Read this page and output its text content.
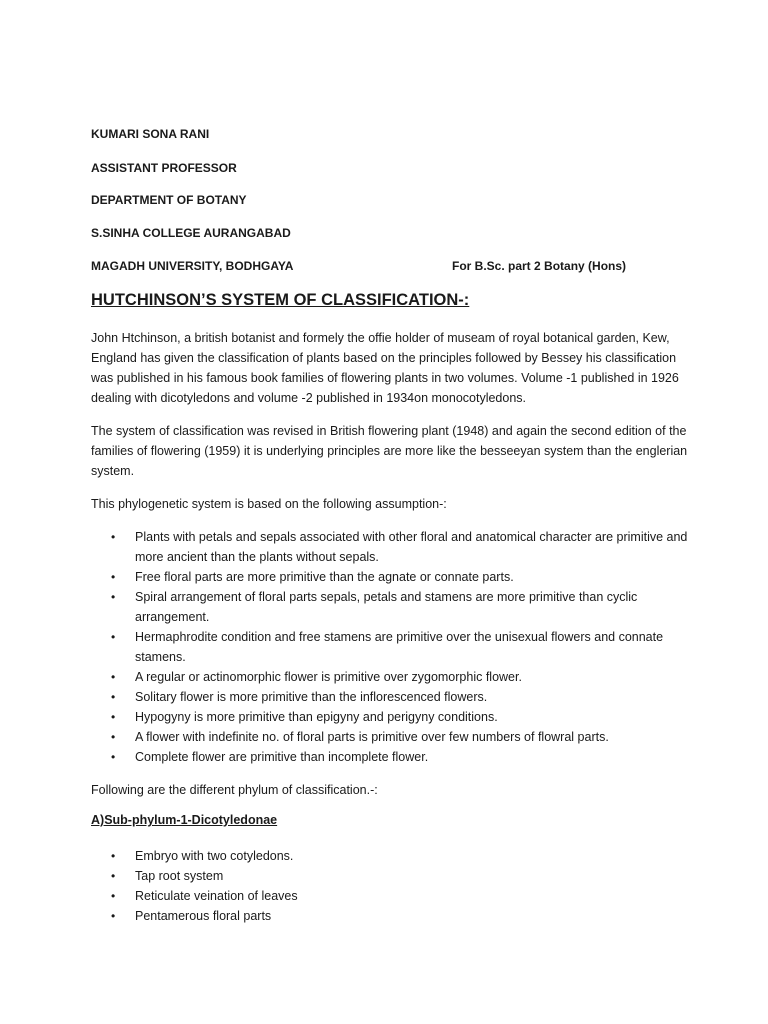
KUMARI SONA RANI
ASSISTANT PROFESSOR
DEPARTMENT OF BOTANY
S.SINHA COLLEGE AURANGABAD
MAGADH UNIVERSITY, BODHGAYA	For B.Sc. part 2 Botany (Hons)
HUTCHINSON’S SYSTEM OF CLASSIFICATION-:

John Htchinson, a british botanist and formely the offie holder of museam of royal botanical garden, Kew, England has given the classification of plants based on the principles followed by Bessey his classification was published in his famous book families of flowering plants in two volumes. Volume -1 published in 1926 dealing with dicotyledons and volume -2 published in 1934on monocotyledons.

The system of classification was revised in British flowering plant (1948) and again the second edition of the families of flowering (1959) it is underlying principles are more like the besseeyan system than the englerian system.

This phylogenetic system is based on the following assumption-:

• Plants with petals and sepals associated with other floral and anatomical character are primitive and more ancient than the plants without sepals.
• Free floral parts are more primitive than the agnate or connate parts.
• Spiral arrangement of floral parts sepals, petals and stamens are more primitive than cyclic arrangement.
• Hermaphrodite condition and free stamens are primitive over the unisexual flowers and connate stamens.
• A regular or actinomorphic flower is primitive over zygomorphic flower.
• Solitary flower is more primitive than the inflorescenced flowers.
• Hypogyny is more primitive than epigyny and perigyny conditions.
• A flower with indefinite no. of floral parts is primitive over few numbers of flowral parts.
• Complete flower are primitive than incomplete flower.

Following are the different phylum of classification.-:

A)Sub-phylum-1-Dicotyledonae
• Embryo with two cotyledons.
• Tap root system
• Reticulate veination of leaves
• Pentamerous floral parts
